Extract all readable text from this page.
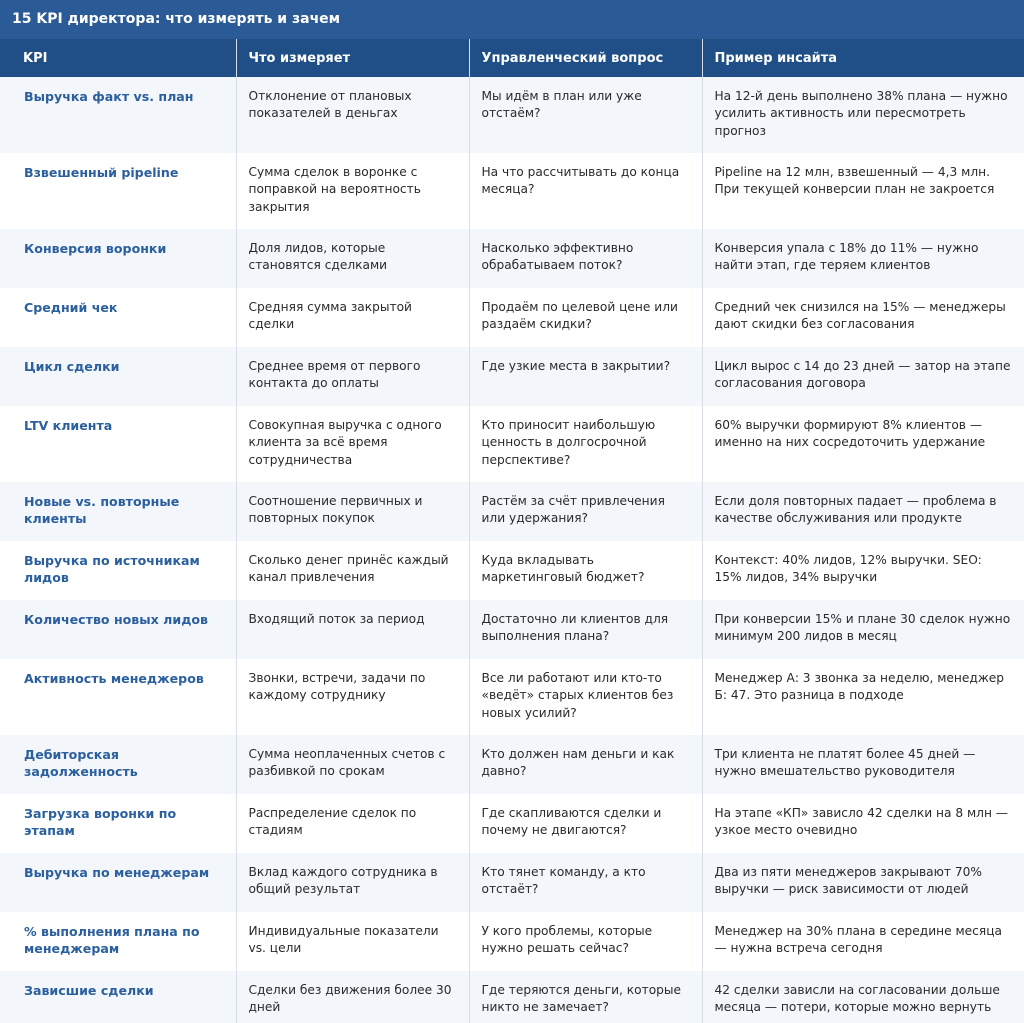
15 KPI директора: что измерять и зачем
KPI	Что измеряет	Управленческий вопрос	Пример инсайта
Выручка факт vs. план	Отклонение от плановых показателей в деньгах	Мы идём в план или уже отстаём?	На 12-й день выполнено 38% плана — нужно усилить активность или пересмотреть прогноз
Взвешенный pipeline	Сумма сделок в воронке с поправкой на вероятность закрытия	На что рассчитывать до конца месяца?	Pipeline на 12 млн, взвешенный — 4,3 млн. При текущей конверсии план не закроется
Конверсия воронки	Доля лидов, которые становятся сделками	Насколько эффективно обрабатываем поток?	Конверсия упала с 18% до 11% — нужно найти этап, где теряем клиентов
Средний чек	Средняя сумма закрытой сделки	Продаём по целевой цене или раздаём скидки?	Средний чек снизился на 15% — менеджеры дают скидки без согласования
Цикл сделки	Среднее время от первого контакта до оплаты	Где узкие места в закрытии?	Цикл вырос с 14 до 23 дней — затор на этапе согласования договора
LTV клиента	Совокупная выручка с одного клиента за всё время сотрудничества	Кто приносит наибольшую ценность в долгосрочной перспективе?	60% выручки формируют 8% клиентов — именно на них сосредоточить удержание
Новые vs. повторные клиенты	Соотношение первичных и повторных покупок	Растём за счёт привлечения или удержания?	Если доля повторных падает — проблема в качестве обслуживания или продукте
Выручка по источникам лидов	Сколько денег принёс каждый канал привлечения	Куда вкладывать маркетинговый бюджет?	Контекст: 40% лидов, 12% выручки. SEO: 15% лидов, 34% выручки
Количество новых лидов	Входящий поток за период	Достаточно ли клиентов для выполнения плана?	При конверсии 15% и плане 30 сделок нужно минимум 200 лидов в месяц
Активность менеджеров	Звонки, встречи, задачи по каждому сотруднику	Все ли работают или кто-то «ведёт» старых клиентов без новых усилий?	Менеджер А: 3 звонка за неделю, менеджер Б: 47. Это разница в подходе
Дебиторская задолженность	Сумма неоплаченных счетов с разбивкой по срокам	Кто должен нам деньги и как давно?	Три клиента не платят более 45 дней — нужно вмешательство руководителя
Загрузка воронки по этапам	Распределение сделок по стадиям	Где скапливаются сделки и почему не двигаются?	На этапе «КП» зависло 42 сделки на 8 млн — узкое место очевидно
Выручка по менеджерам	Вклад каждого сотрудника в общий результат	Кто тянет команду, а кто отстаёт?	Два из пяти менеджеров закрывают 70% выручки — риск зависимости от людей
% выполнения плана по менеджерам	Индивидуальные показатели vs. цели	У кого проблемы, которые нужно решать сейчас?	Менеджер на 30% плана в середине месяца — нужна встреча сегодня
Зависшие сделки	Сделки без движения более 30 дней	Где теряются деньги, которые никто не замечает?	42 сделки зависли на согласовании дольше месяца — потери, которые можно вернуть
